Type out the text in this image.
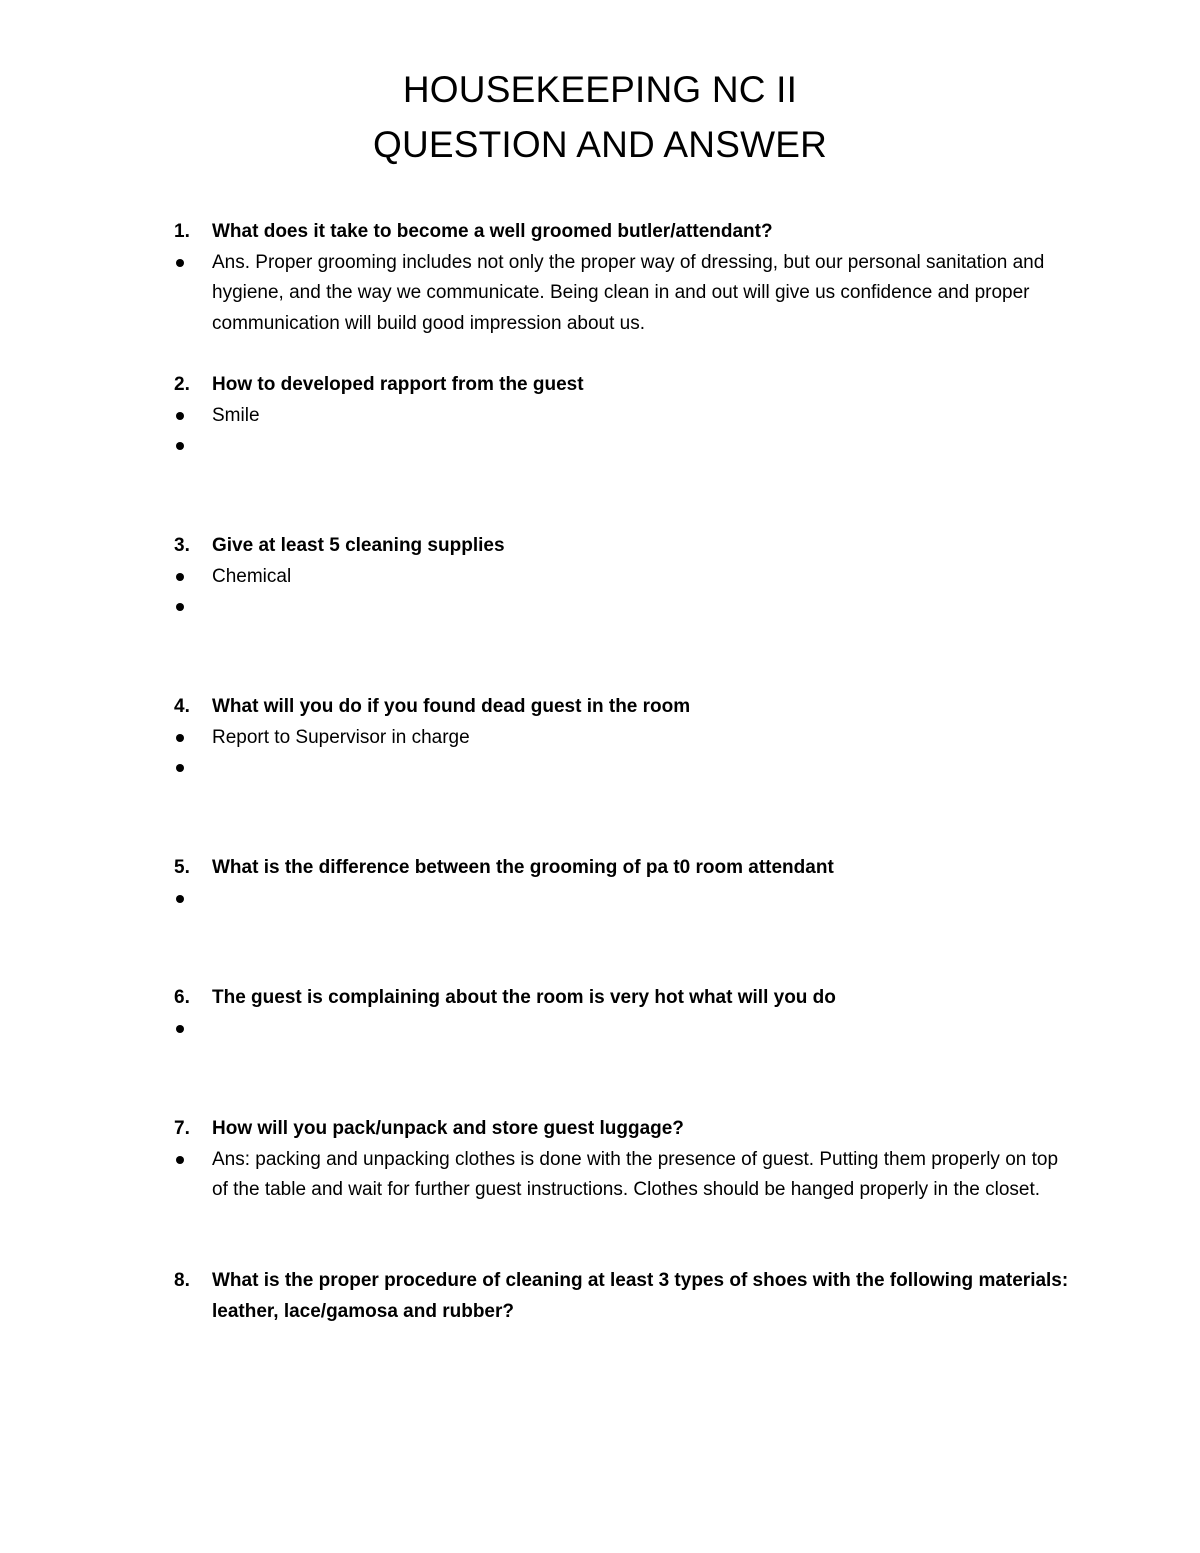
HOUSEKEEPING NC II
QUESTION AND ANSWER
1. What does it take to become a well groomed butler/attendant?
Ans. Proper grooming includes not only the proper way of dressing, but our personal sanitation and hygiene, and the way we communicate. Being clean in and out will give us confidence and proper communication will build good impression about us.
2. How to developed rapport from the guest
Smile
3. Give at least 5 cleaning supplies
Chemical
4. What will you do if you found dead guest in the room
Report to Supervisor in charge
5. What is the difference between the grooming of pa t0 room attendant
6. The guest is complaining about the room is very hot what will you do
7. How will you pack/unpack and store guest luggage?
Ans: packing and unpacking clothes is done with the presence of guest. Putting them properly on top of the table and wait for further guest instructions. Clothes should be hanged properly in the closet.
8. What is the proper procedure of cleaning at least 3 types of shoes with the following materials: leather, lace/gamosa and rubber?
